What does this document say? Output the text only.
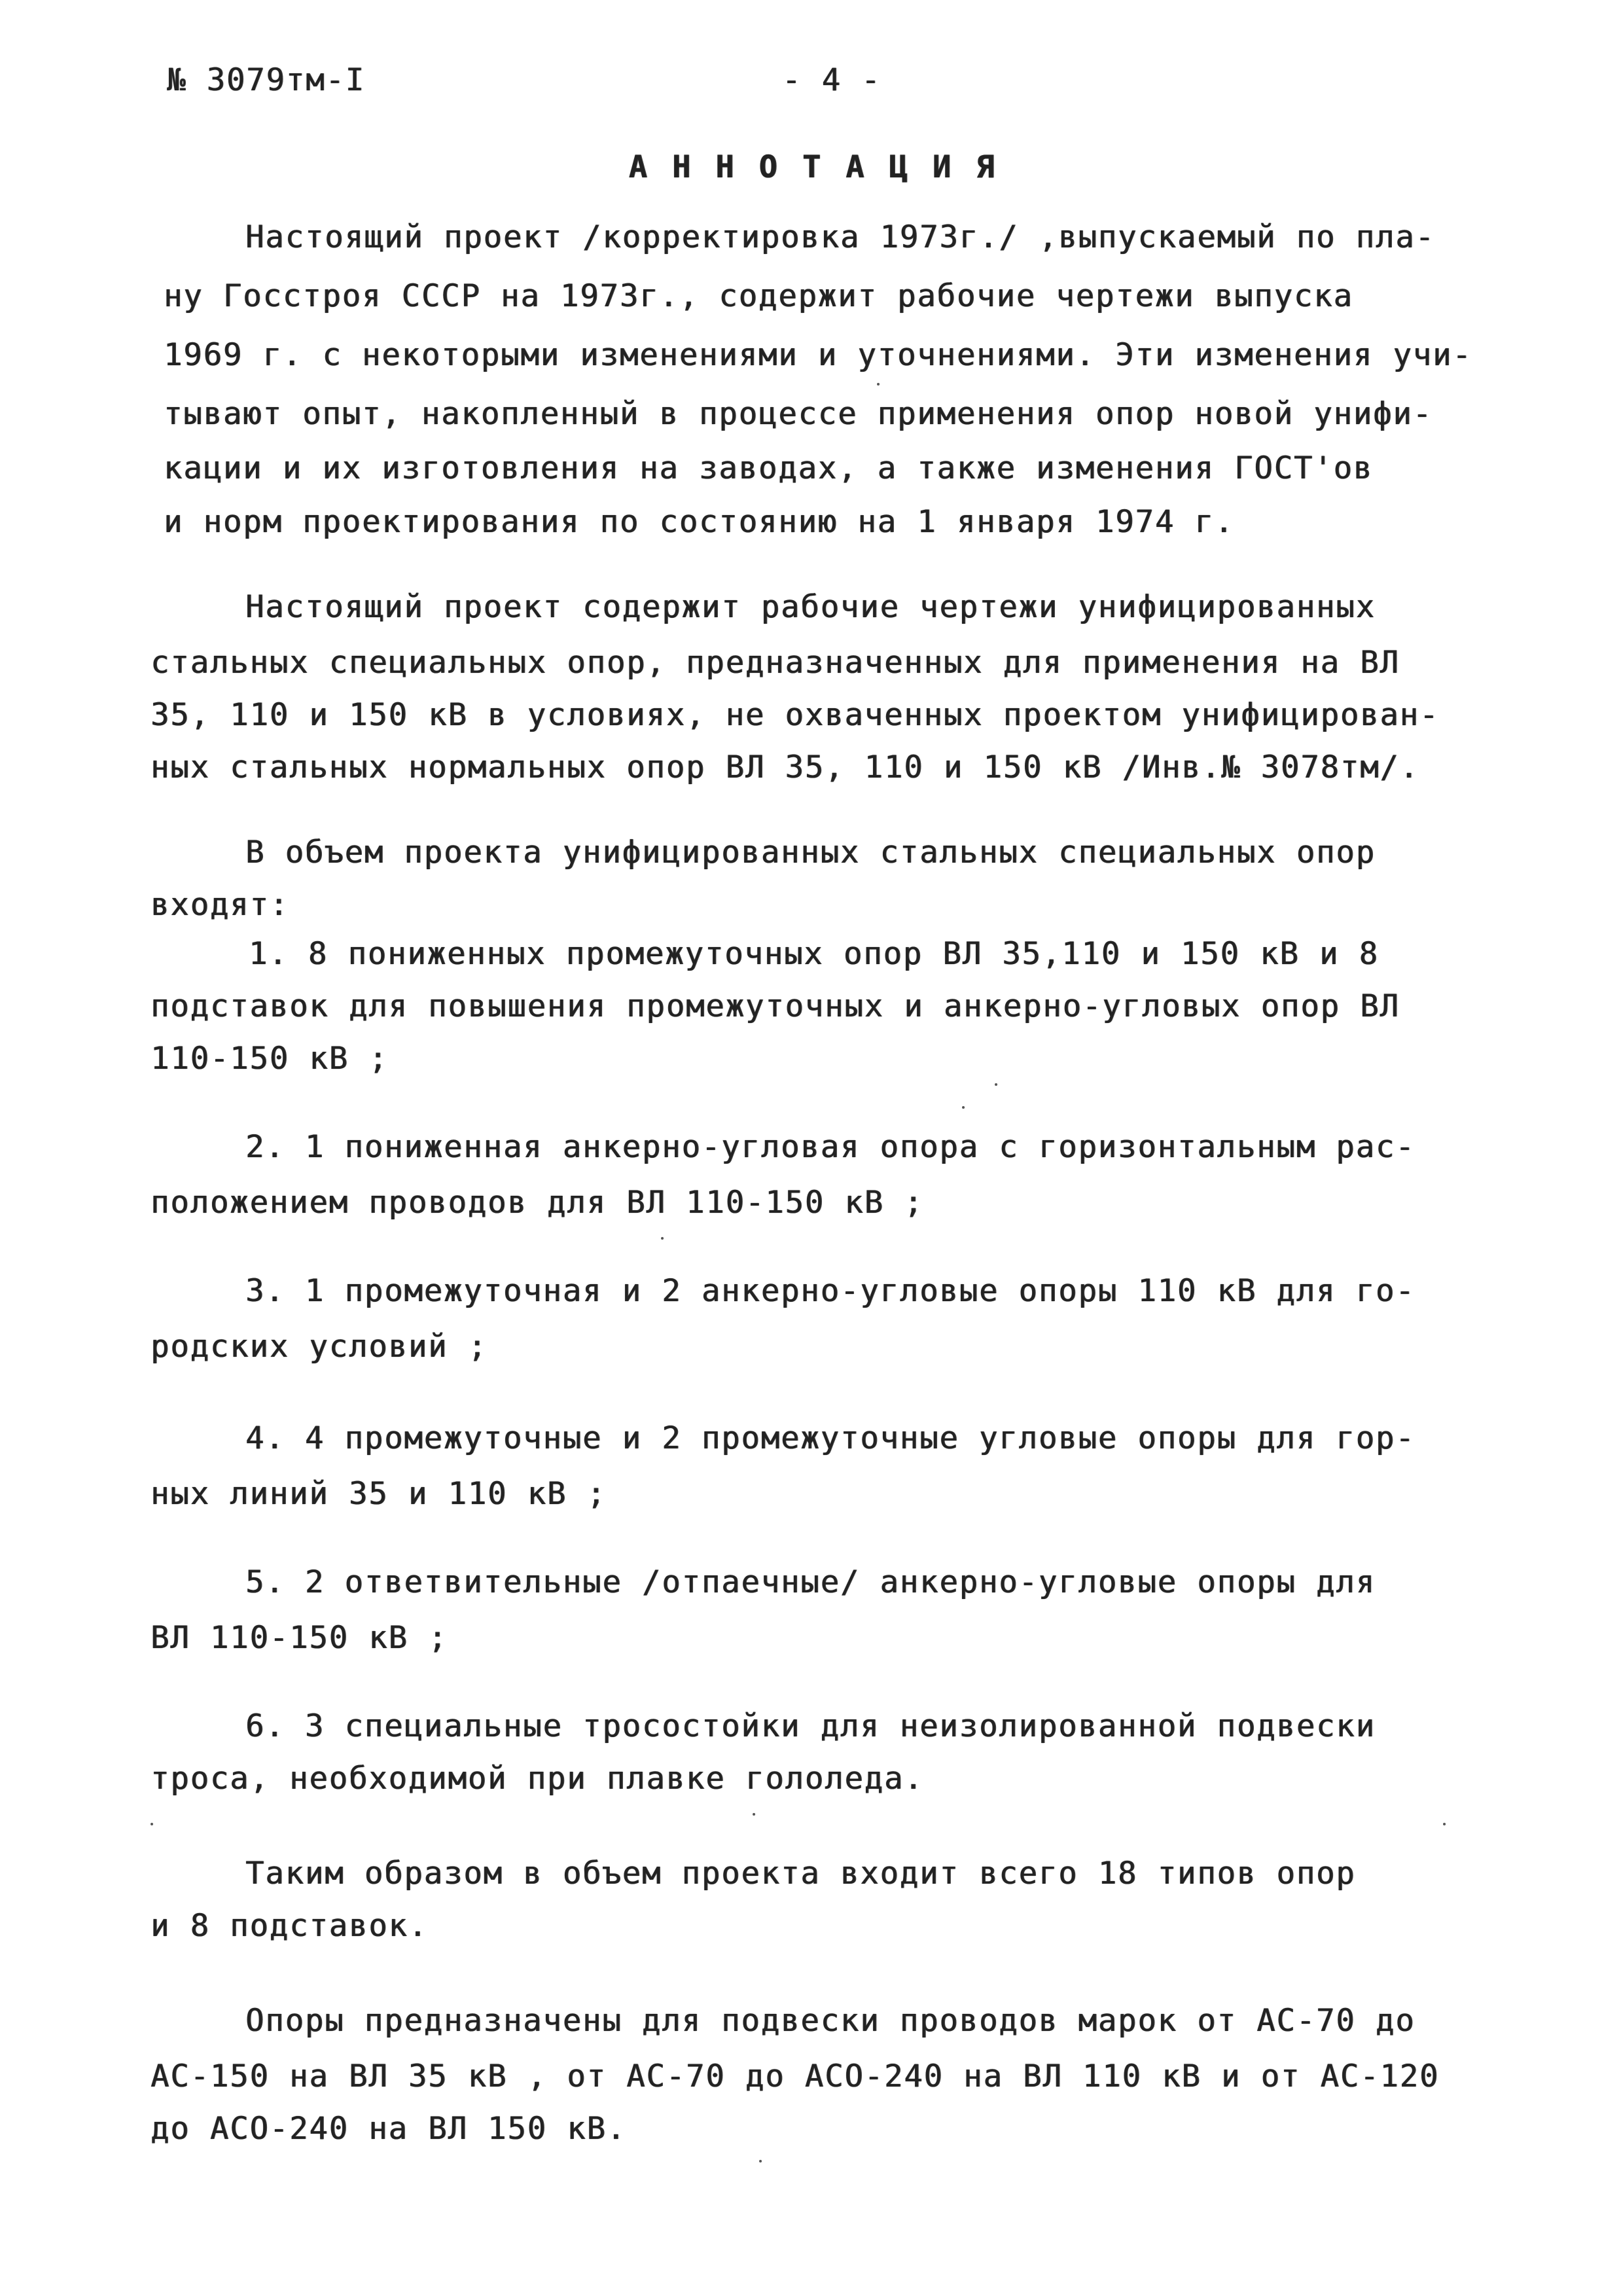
№ 3079тм-I	- 4 -
АННОТАЦИЯ
Настоящий проект /корректировка 1973г./ ,выпускаемый по пла-
ну Госстроя СССР на 1973г., содержит рабочие чертежи выпуска
1969 г. с некоторыми изменениями и уточнениями. Эти изменения учи-
тывают опыт, накопленный в процессе применения опор новой унифи-
кации и их изготовления на заводах, а также изменения ГОСТ'ов
и норм проектирования по состоянию на 1 января 1974 г.
Настоящий проект содержит рабочие чертежи унифицированных
стальных специальных опор, предназначенных для применения на ВЛ
35, 110 и 150 кВ в условиях, не охваченных проектом унифицирован-
ных стальных нормальных опор ВЛ 35, 110 и 150 кВ /Инв.№ 3078тм/.
В объем проекта унифицированных стальных специальных опор
входят:
1. 8 пониженных промежуточных опор ВЛ 35,110 и 150 кВ и 8
подставок для повышения промежуточных и анкерно-угловых опор ВЛ
110-150 кВ ;
2. 1 пониженная анкерно-угловая опора с горизонтальным рас-
положением проводов для ВЛ 110-150 кВ ;
3. 1 промежуточная и 2 анкерно-угловые опоры 110 кВ для го-
родских условий ;
4. 4 промежуточные и 2 промежуточные угловые опоры для гор-
ных линий 35 и 110 кВ ;
5. 2 ответвительные /отпаечные/ анкерно-угловые опоры для
ВЛ 110-150 кВ ;
6. 3 специальные тросостойки для неизолированной подвески
троса, необходимой при плавке гололеда.
Таким образом в объем проекта входит всего 18 типов опор
и 8 подставок.
Опоры предназначены для подвески проводов марок от АС-70 до
АС-150 на ВЛ 35 кВ , от АС-70 до АСО-240 на ВЛ 110 кВ и от АС-120
до АСО-240 на ВЛ 150 кВ.
